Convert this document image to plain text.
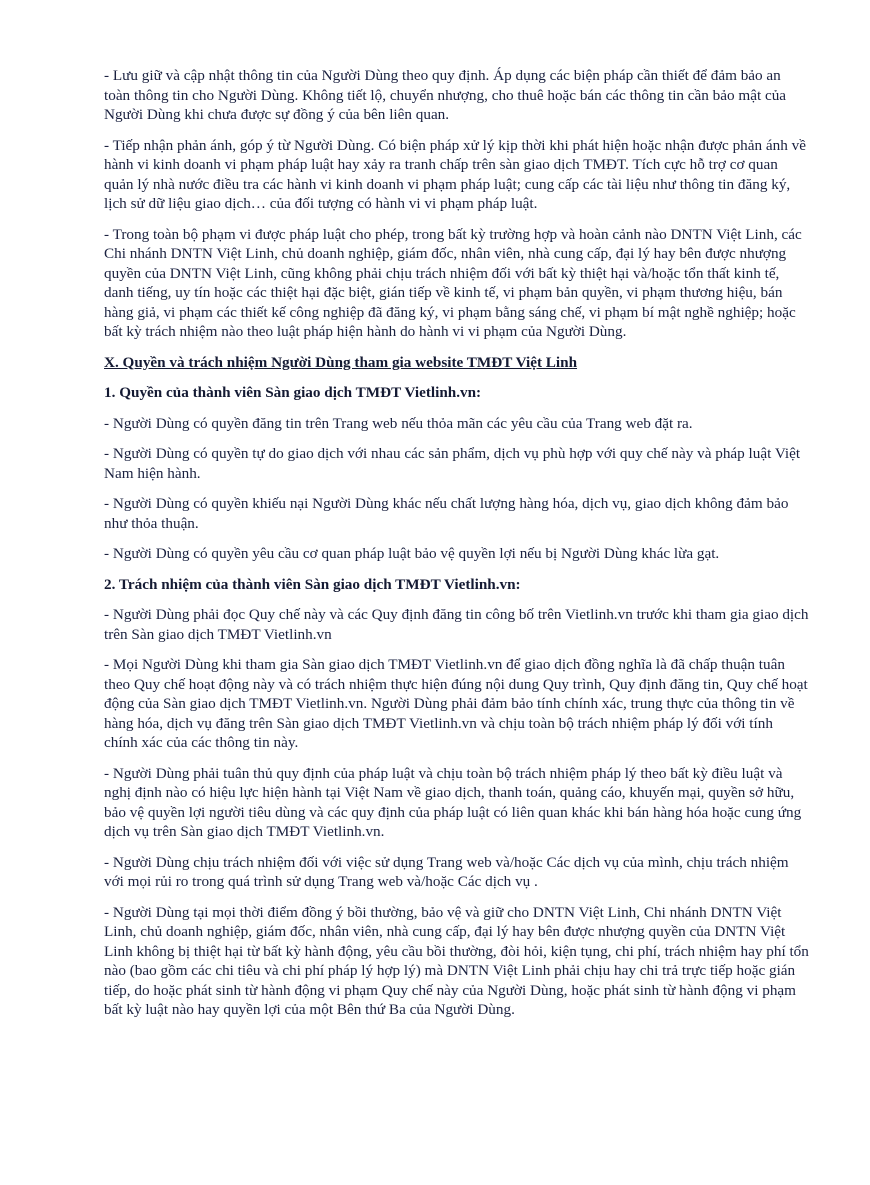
- Lưu giữ và cập nhật thông tin của Người Dùng theo quy định. Áp dụng các biện pháp cần thiết để đảm bảo an toàn thông tin cho Người Dùng. Không tiết lộ, chuyển nhượng, cho thuê hoặc bán các thông tin cần bảo mật của Người Dùng khi chưa được sự đồng ý của bên liên quan.

- Tiếp nhận phản ánh, góp ý từ Người Dùng. Có biện pháp xử lý kịp thời khi phát hiện hoặc nhận được phản ánh về hành vi kinh doanh vi phạm pháp luật hay xảy ra tranh chấp trên sàn giao dịch TMĐT. Tích cực hỗ trợ cơ quan quản lý nhà nước điều tra các hành vi kinh doanh vi phạm pháp luật; cung cấp các tài liệu như thông tin đăng ký, lịch sử dữ liệu giao dịch… của đối tượng có hành vi vi phạm pháp luật.

- Trong toàn bộ phạm vi được pháp luật cho phép, trong bất kỳ trường hợp và hoàn cảnh nào DNTN Việt Linh, các Chi nhánh DNTN Việt Linh, chủ doanh nghiệp, giám đốc, nhân viên, nhà cung cấp, đại lý hay bên được nhượng quyền của DNTN Việt Linh, cũng không phải chịu trách nhiệm đối với bất kỳ thiệt hại và/hoặc tổn thất kinh tế, danh tiếng, uy tín hoặc các thiệt hại đặc biệt, gián tiếp về kinh tế, vi phạm bản quyền, vi phạm thương hiệu, bán hàng giả, vi phạm các thiết kế công nghiệp đã đăng ký, vi phạm bằng sáng chế, vi phạm bí mật nghề nghiệp; hoặc bất kỳ trách nhiệm nào theo luật pháp hiện hành do hành vi vi phạm của Người Dùng.

X. Quyền và trách nhiệm Người Dùng tham gia website TMĐT Việt Linh

1. Quyền của thành viên Sàn giao dịch TMĐT Vietlinh.vn:

- Người Dùng có quyền đăng tin trên Trang web nếu thỏa mãn các yêu cầu của Trang web đặt ra.

- Người Dùng có quyền tự do giao dịch với nhau các sản phẩm, dịch vụ phù hợp với quy chế này và pháp luật Việt Nam hiện hành.

- Người Dùng có quyền khiếu nại Người Dùng khác nếu chất lượng hàng hóa, dịch vụ, giao dịch không đảm bảo như thỏa thuận.

- Người Dùng có quyền yêu cầu cơ quan pháp luật bảo vệ quyền lợi nếu bị Người Dùng khác lừa gạt.

2. Trách nhiệm của thành viên Sàn giao dịch TMĐT Vietlinh.vn:

- Người Dùng phải đọc Quy chế này và các Quy định đăng tin công bố trên Vietlinh.vn trước khi tham gia giao dịch trên Sàn giao dịch TMĐT Vietlinh.vn

- Mọi Người Dùng khi tham gia Sàn giao dịch TMĐT Vietlinh.vn để giao dịch đồng nghĩa là đã chấp thuận tuân theo Quy chế hoạt động này và có trách nhiệm thực hiện đúng nội dung Quy trình, Quy định đăng tin, Quy chế hoạt động của Sàn giao dịch TMĐT Vietlinh.vn. Người Dùng phải đảm bảo tính chính xác, trung thực của thông tin về hàng hóa, dịch vụ đăng trên Sàn giao dịch TMĐT Vietlinh.vn và chịu toàn bộ trách nhiệm pháp lý đối với tính chính xác của các thông tin này.

- Người Dùng phải tuân thủ quy định của pháp luật và chịu toàn bộ trách nhiệm pháp lý theo bất kỳ điều luật và nghị định nào có hiệu lực hiện hành tại Việt Nam về giao dịch, thanh toán, quảng cáo, khuyến mại, quyền sở hữu, bảo vệ quyền lợi người tiêu dùng và các quy định của pháp luật có liên quan khác khi bán hàng hóa hoặc cung ứng dịch vụ trên Sàn giao dịch TMĐT Vietlinh.vn.

- Người Dùng chịu trách nhiệm đối với việc sử dụng Trang web và/hoặc Các dịch vụ của mình, chịu trách nhiệm với mọi rủi ro trong quá trình sử dụng Trang web và/hoặc Các dịch vụ .

- Người Dùng tại mọi thời điểm đồng ý bồi thường, bảo vệ và giữ cho DNTN Việt Linh, Chi nhánh DNTN Việt Linh, chủ doanh nghiệp, giám đốc, nhân viên, nhà cung cấp, đại lý hay bên được nhượng quyền của DNTN Việt Linh không bị thiệt hại từ bất kỳ hành động, yêu cầu bồi thường, đòi hỏi, kiện tụng, chi phí, trách nhiệm hay phí tổn nào (bao gồm các chi tiêu và chi phí pháp lý hợp lý) mà DNTN Việt Linh phải chịu hay chi trả trực tiếp hoặc gián tiếp, do hoặc phát sinh từ hành động vi phạm Quy chế này của Người Dùng, hoặc phát sinh từ hành động vi phạm bất kỳ luật nào hay quyền lợi của một Bên thứ Ba của Người Dùng.
